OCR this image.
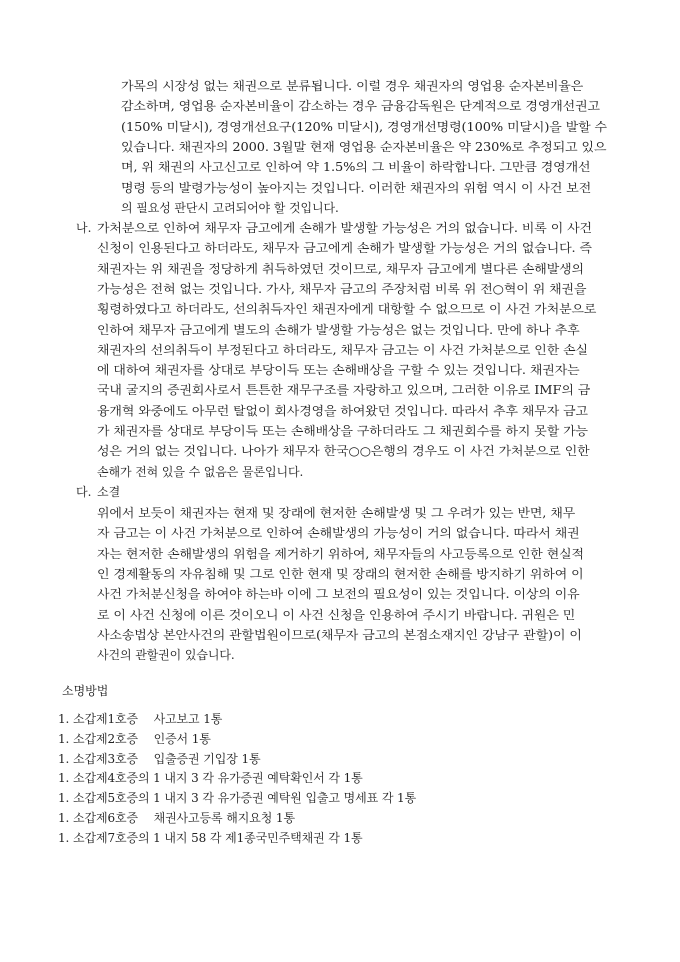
가목의 시장성 없는 채권으로 분류됩니다. 이럴 경우 채권자의 영업용 순자본비율은
감소하며, 영업용 순자본비율이 감소하는 경우 금융감독원은 단계적으로 경영개선권고
(150% 미달시), 경영개선요구(120% 미달시), 경영개선명령(100% 미달시)을 발할 수
있습니다. 채권자의 2000. 3월말 현재 영업용 순자본비율은 약 230%로 추정되고 있으
며, 위 채권의 사고신고로 인하여 약 1.5%의 그 비율이 하락합니다. 그만큼 경영개선
명령 등의 발령가능성이 높아지는 것입니다. 이러한 채권자의 위험 역시 이 사건 보전
의 필요성 판단시 고려되어야 할 것입니다.
나. 가처분으로 인하여 채무자 금고에게 손해가 발생할 가능성은 거의 없습니다. 비록 이 사건
신청이 인용된다고 하더라도, 채무자 금고에게 손해가 발생할 가능성은 거의 없습니다. 즉
채권자는 위 채권을 정당하게 취득하였던 것이므로, 채무자 금고에게 별다른 손해발생의
가능성은 전혀 없는 것입니다. 가사, 채무자 금고의 주장처럼 비록 위 전○혁이 위 채권을
횡령하였다고 하더라도, 선의취득자인 채권자에게 대항할 수 없으므로 이 사건 가처분으로
인하여 채무자 금고에게 별도의 손해가 발생할 가능성은 없는 것입니다. 만에 하나 추후
채권자의 선의취득이 부정된다고 하더라도, 채무자 금고는 이 사건 가처분으로 인한 손실
에 대하여 채권자를 상대로 부당이득 또는 손해배상을 구할 수 있는 것입니다. 채권자는
국내 굴지의 증권회사로서 튼튼한 재무구조를 자랑하고 있으며, 그러한 이유로 IMF의 금
융개혁 와중에도 아무런 탈없이 회사경영을 하여왔던 것입니다. 따라서 추후 채무자 금고
가 채권자를 상대로 부당이득 또는 손해배상을 구하더라도 그 채권회수를 하지 못할 가능
성은 거의 없는 것입니다. 나아가 채무자 한국○○은행의 경우도 이 사건 가처분으로 인한
손해가 전혀 있을 수 없음은 물론입니다.
다. 소결
위에서 보듯이 채권자는 현재 및 장래에 현저한 손해발생 및 그 우려가 있는 반면, 채무
자 금고는 이 사건 가처분으로 인하여 손해발생의 가능성이 거의 없습니다. 따라서 채권
자는 현저한 손해발생의 위험을 제거하기 위하여, 채무자들의 사고등록으로 인한 현실적
인 경제활동의 자유침해 및 그로 인한 현재 및 장래의 현저한 손해를 방지하기 위하여 이
사건 가처분신청을 하여야 하는바 이에 그 보전의 필요성이 있는 것입니다. 이상의 이유
로 이 사건 신청에 이른 것이오니 이 사건 신청을 인용하여 주시기 바랍니다. 귀원은 민
사소송법상 본안사건의 관할법원이므로(채무자 금고의 본점소재지인 강남구 관할)이 이
사건의 관할권이 있습니다.
소명방법
1. 소갑제1호증 　사고보고 1통
1. 소갑제2호증 　인증서 1통
1. 소갑제3호증 　입출증권 기입장 1통
1. 소갑제4호증의 1 내지 3 각 유가증권 예탁확인서 각 1통
1. 소갑제5호증의 1 내지 3 각 유가증권 예탁원 입출고 명세표 각 1통
1. 소갑제6호증 　채권사고등록 해지요청 1통
1. 소갑제7호증의 1 내지 58 각 제1종국민주택채권 각 1통
